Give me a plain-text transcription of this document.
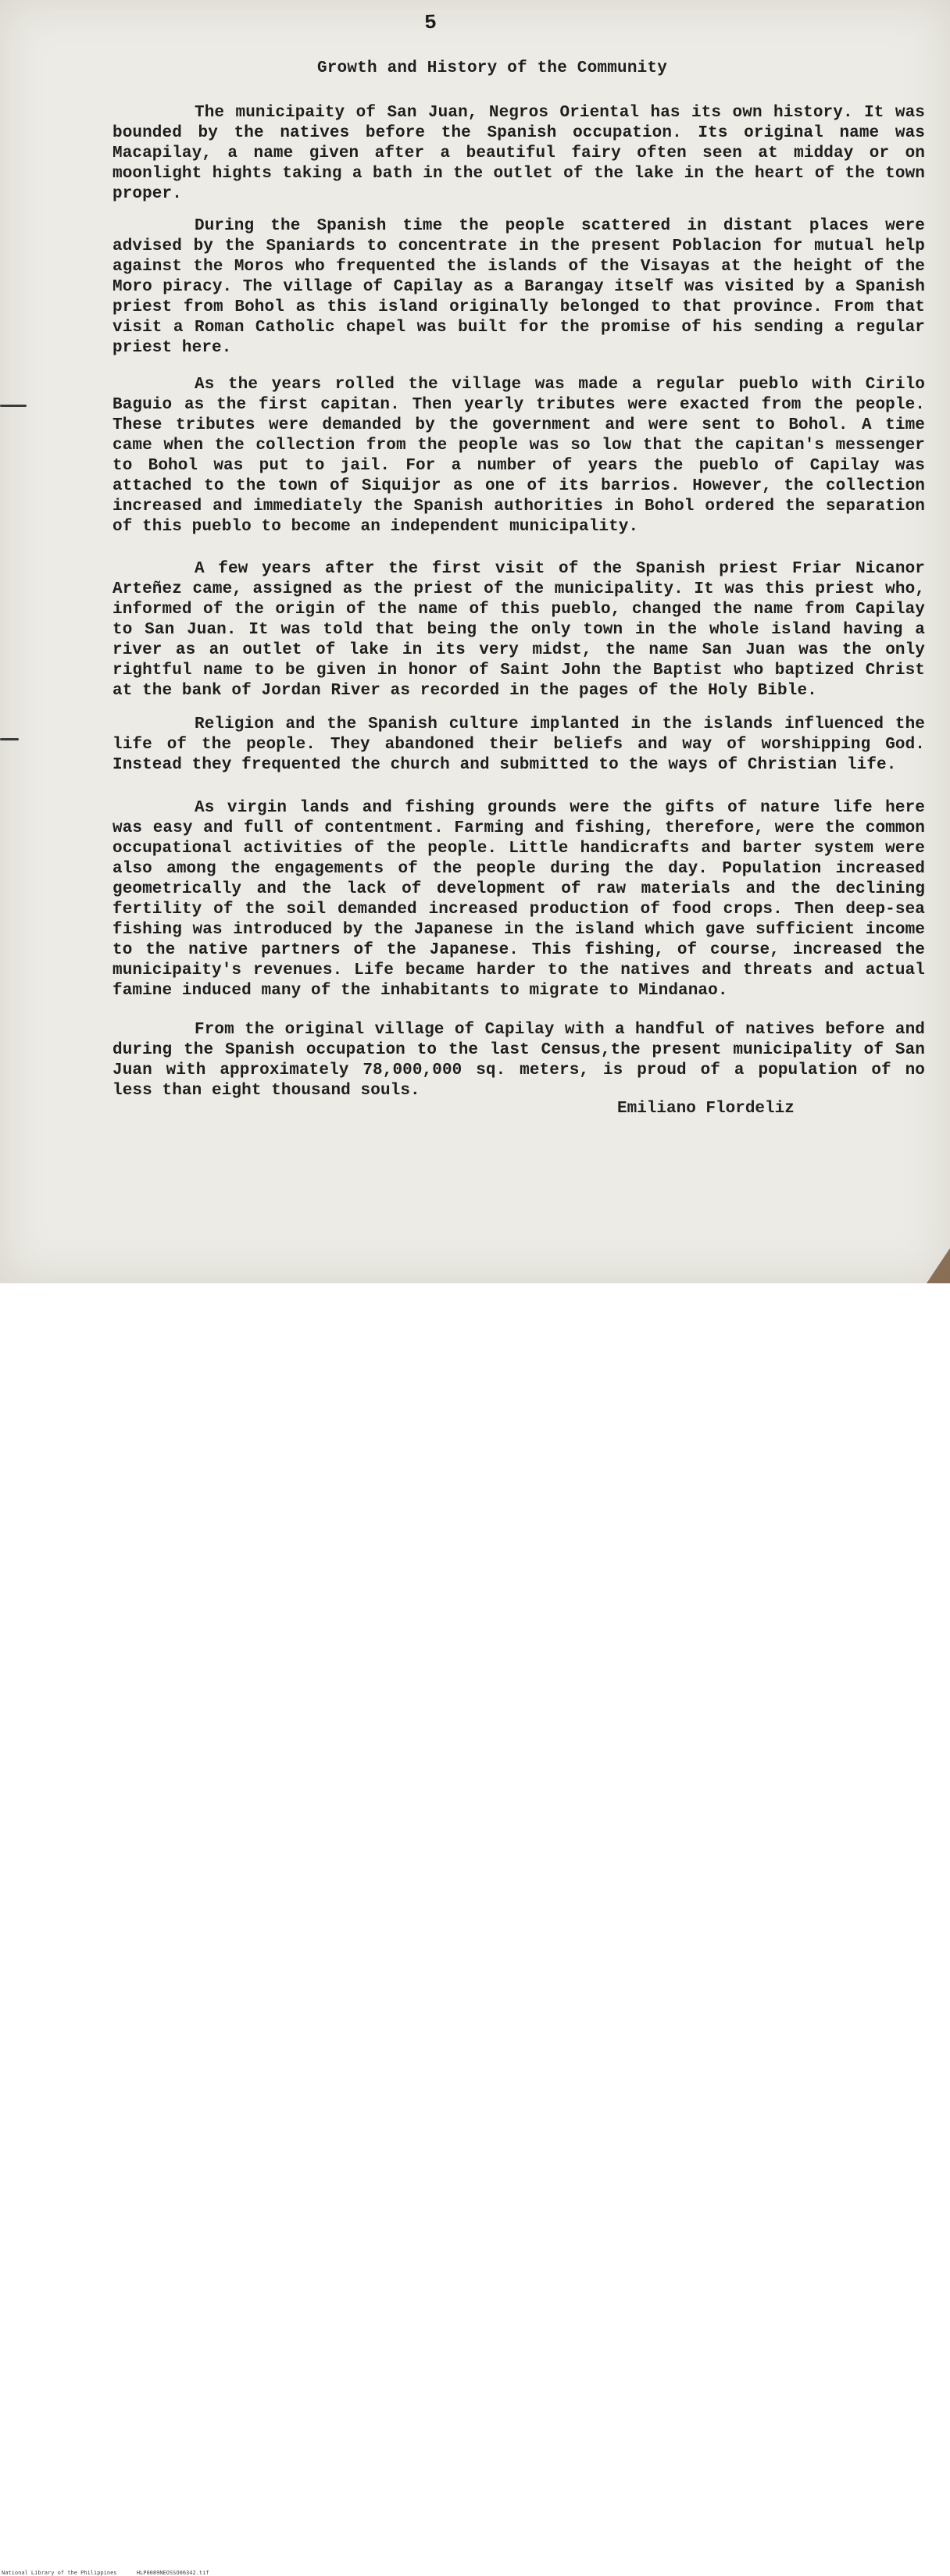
5
Growth and History of the Community

The municipaity of San Juan, Negros Oriental has its own history. It was bounded by the natives before the Spanish occupation. Its original name was Macapilay, a name given after a beautiful fairy often seen at midday or on moonlight hights taking a bath in the outlet of the lake in the heart of the town proper.

During the Spanish time the people scattered in distant places were advised by the Spaniards to concentrate in the present Poblacion for mutual help against the Moros who frequented the islands of the Visayas at the height of the Moro piracy. The village of Capilay as a Barangay itself was visited by a Spanish priest from Bohol as this island originally belonged to that province. From that visit a Roman Catholic chapel was built for the promise of his sending a regular priest here.

As the years rolled the village was made a regular pueblo with Cirilo Baguio as the first capitan. Then yearly tributes were exacted from the people. These tributes were demanded by the government and were sent to Bohol. A time came when the collection from the people was so low that the capitan's messenger to Bohol was put to jail. For a number of years the pueblo of Capilay was attached to the town of Siquijor as one of its barrios. However, the collection increased and immediately the Spanish authorities in Bohol ordered the separation of this pueblo to become an independent municipality.

A few years after the first visit of the Spanish priest Friar Nicanor Arteñez came, assigned as the priest of the municipality. It was this priest who, informed of the origin of the name of this pueblo, changed the name from Capilay to San Juan. It was told that being the only town in the whole island having a river as an outlet of lake in its very midst, the name San Juan was the only rightful name to be given in honor of Saint John the Baptist who baptized Christ at the bank of Jordan River as recorded in the pages of the Holy Bible.

Religion and the Spanish culture implanted in the islands influenced the life of the people. They abandoned their beliefs and way of worshipping God. Instead they frequented the church and submitted to the ways of Christian life.

As virgin lands and fishing grounds were the gifts of nature life here was easy and full of contentment. Farming and fishing, therefore, were the common occupational activities of the people. Little handicrafts and barter system were also among the engagements of the people during the day. Population increased geometrically and the lack of development of raw materials and the declining fertility of the soil demanded increased production of food crops. Then deep-sea fishing was introduced by the Japanese in the island which gave sufficient income to the native partners of the Japanese. This fishing, of course, increased the municipaity's revenues. Life became harder to the natives and threats and actual famine induced many of the inhabitants to migrate to Mindanao.

From the original village of Capilay with a handful of natives before and during the Spanish occupation to the last Census,the present municipality of San Juan with approximately 78,000,000 sq. meters, is proud of a population of no less than eight thousand souls.

Emiliano Flordeliz
National Library of the Philippines	HLP0089NEOSSO06342.tif
